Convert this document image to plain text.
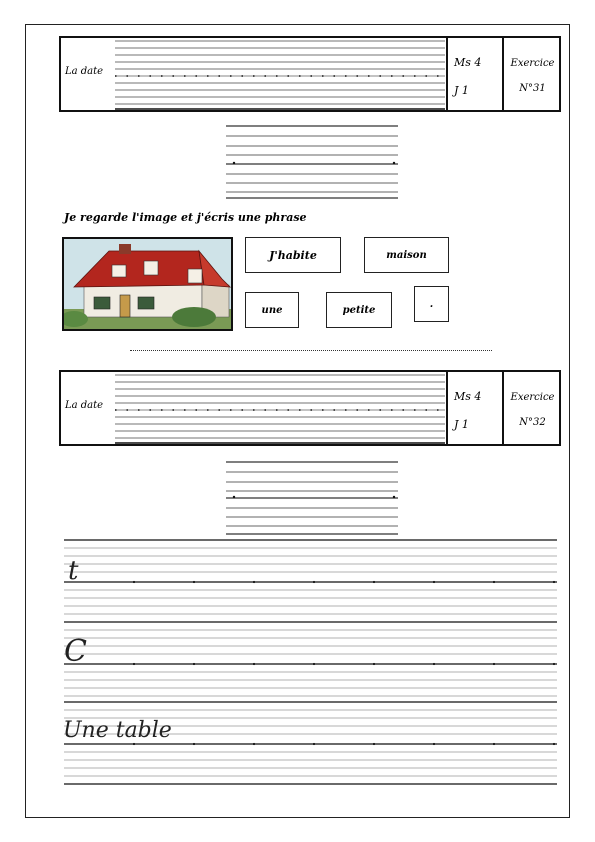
La date
Ms 4
J 1
Exercice
N°31
Je regarde l'image et j'écris une phrase
J'habite	maison
une	petite
.
La date
Ms 4
J 1
Exercice
N°32
t
C
Une table
